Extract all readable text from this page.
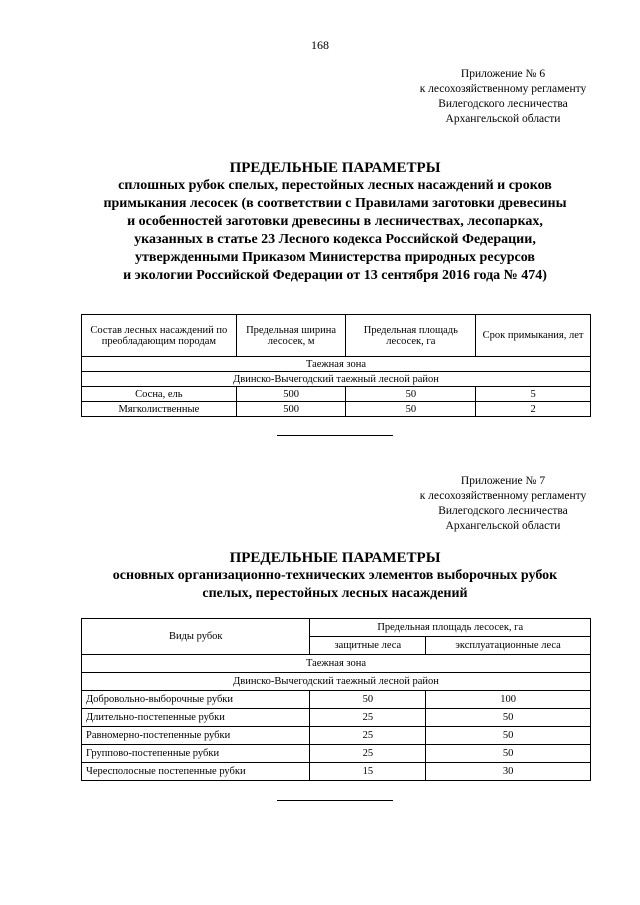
168
Приложение № 6
к лесохозяйственному регламенту
Вилегодского лесничества
Архангельской области
ПРЕДЕЛЬНЫЕ ПАРАМЕТРЫ
сплошных рубок спелых, перестойных лесных насаждений и сроков
примыкания лесосек (в соответствии с Правилами заготовки древесины
и особенностей заготовки древесины в лесничествах, лесопарках,
указанных в статье 23 Лесного кодекса Российской Федерации,
утвержденными Приказом Министерства природных ресурсов
и экологии Российской Федерации от 13 сентября 2016 года № 474)
Состав лесных насаждений по преобладающим породам	Предельная ширина лесосек, м	Предельная площадь лесосек, га	Срок примыкания, лет
Таежная зона			
Двинско-Вычегодский таежный лесной район			
Сосна, ель	500	50	5
Мягколиственные	500	50	2
Приложение № 7
к лесохозяйственному регламенту
Вилегодского лесничества
Архангельской области
ПРЕДЕЛЬНЫЕ ПАРАМЕТРЫ
основных организационно-технических элементов выборочных рубок
спелых, перестойных лесных насаждений
Виды рубок	Предельная площадь лесосек, га	
	защитные леса	эксплуатационные леса
Таежная зона		
Двинско-Вычегодский таежный лесной район		
Добровольно-выборочные рубки	50	100
Длительно-постепенные рубки	25	50
Равномерно-постепенные рубки	25	50
Группово-постепенные рубки	25	50
Чересполосные постепенные рубки	15	30
